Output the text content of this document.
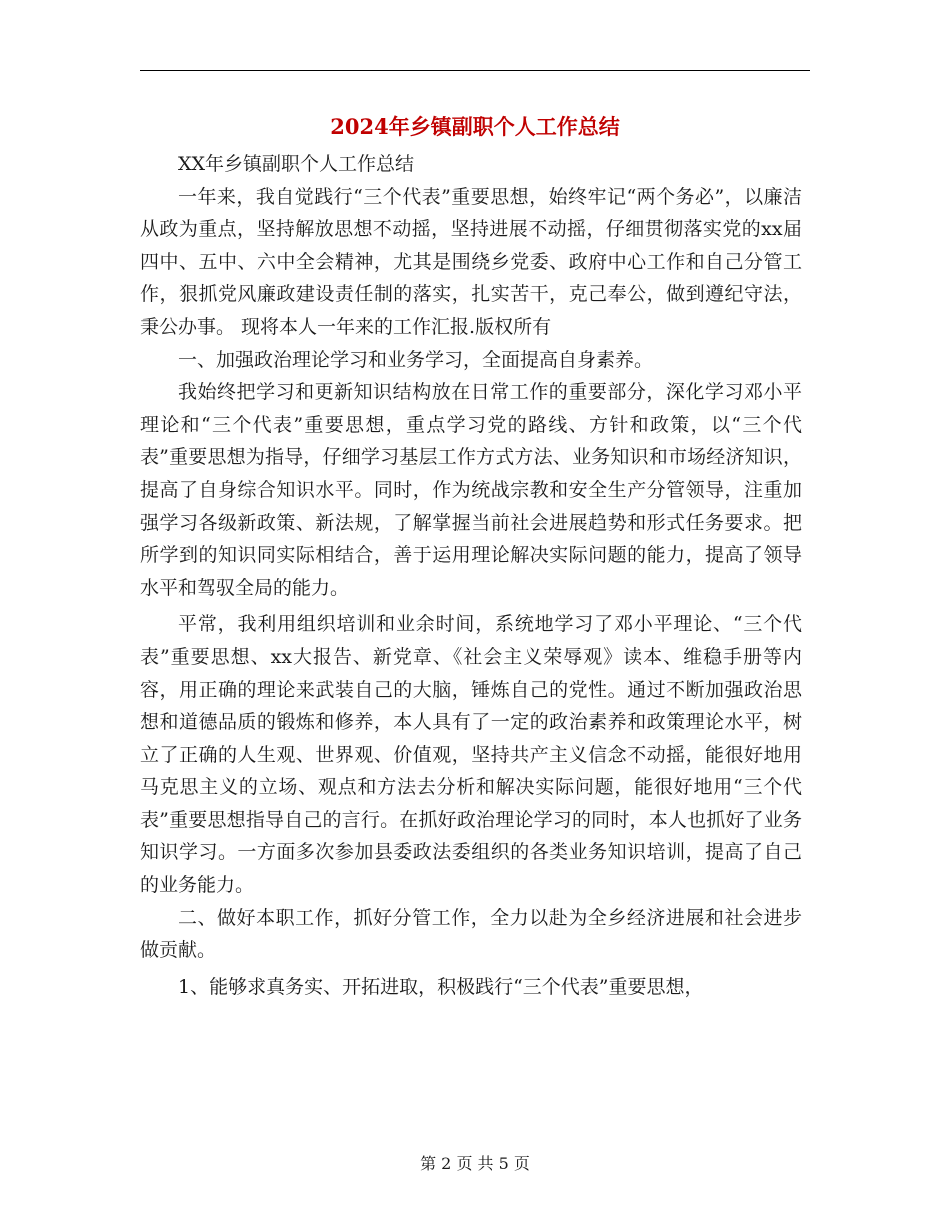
2024年乡镇副职个人工作总结

XX年乡镇副职个人工作总结

一年来，我自觉践行“三个代表”重要思想，始终牢记“两个务必”，以廉洁从政为重点，坚持解放思想不动摇，坚持进展不动摇，仔细贯彻落实党的xx届四中、五中、六中全会精神，尤其是围绕乡党委、政府中心工作和自己分管工作，狠抓党风廉政建设责任制的落实，扎实苦干，克己奉公，做到遵纪守法，秉公办事。 现将本人一年来的工作汇报.版权所有

一、加强政治理论学习和业务学习，全面提高自身素养。

我始终把学习和更新知识结构放在日常工作的重要部分，深化学习邓小平理论和“三个代表”重要思想，重点学习党的路线、方针和政策，以“三个代表”重要思想为指导，仔细学习基层工作方式方法、业务知识和市场经济知识，提高了自身综合知识水平。同时，作为统战宗教和安全生产分管领导，注重加强学习各级新政策、新法规，了解掌握当前社会进展趋势和形式任务要求。把所学到的知识同实际相结合，善于运用理论解决实际问题的能力，提高了领导水平和驾驭全局的能力。

平常，我利用组织培训和业余时间，系统地学习了邓小平理论、“三个代表”重要思想、xx大报告、新党章、《社会主义荣辱观》读本、维稳手册等内容，用正确的理论来武装自己的大脑，锤炼自己的党性。通过不断加强政治思想和道德品质的锻炼和修养，本人具有了一定的政治素养和政策理论水平，树立了正确的人生观、世界观、价值观，坚持共产主义信念不动摇，能很好地用马克思主义的立场、观点和方法去分析和解决实际问题，能很好地用“三个代表”重要思想指导自己的言行。在抓好政治理论学习的同时，本人也抓好了业务知识学习。一方面多次参加县委政法委组织的各类业务知识培训，提高了自己的业务能力。

二、做好本职工作，抓好分管工作，全力以赴为全乡经济进展和社会进步做贡献。

1、能够求真务实、开拓进取，积极践行“三个代表”重要思想，

第 2 页 共 5 页
